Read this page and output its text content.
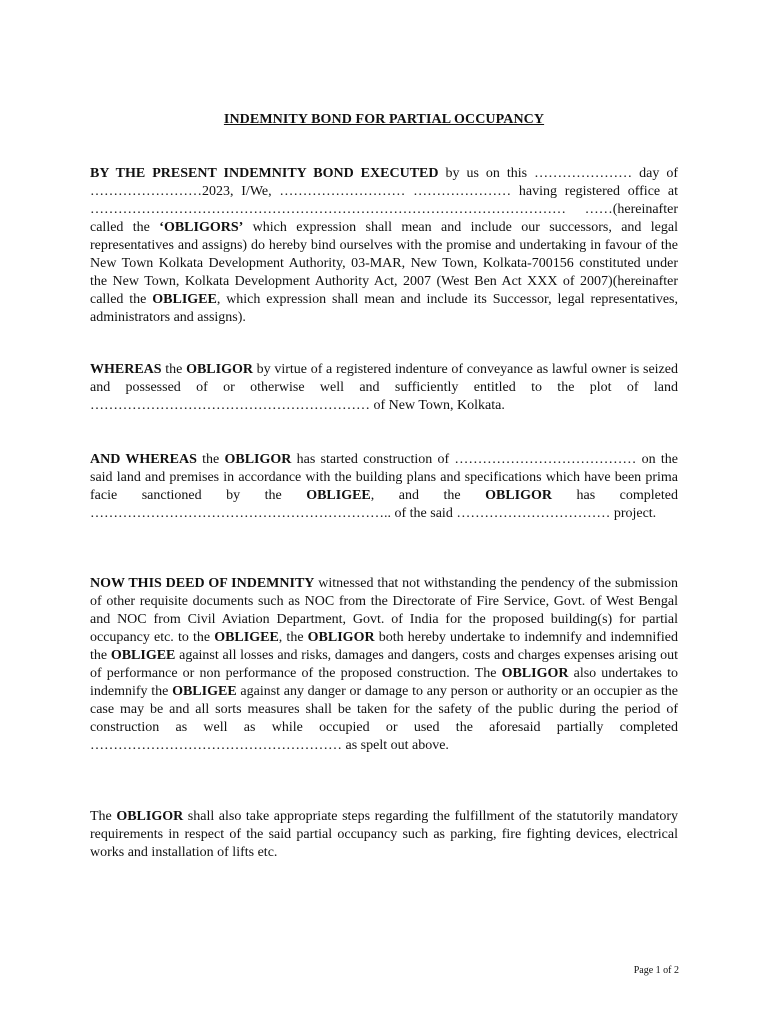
INDEMNITY BOND FOR PARTIAL OCCUPANCY
BY THE PRESENT INDEMNITY BOND EXECUTED by us on this ………………… day of ……………………2023, I/We, ……………………… ………………… having registered office at ………………………………………………………………………………………… ……(hereinafter called the ‘OBLIGORS’ which expression shall mean and include our successors, and legal representatives and assigns) do hereby bind ourselves with the promise and undertaking in favour of the New Town Kolkata Development Authority, 03-MAR, New Town, Kolkata-700156 constituted under the New Town, Kolkata Development Authority Act, 2007 (West Ben Act XXX of 2007)(hereinafter called the OBLIGEE, which expression shall mean and include its Successor, legal representatives, administrators and assigns).
WHEREAS the OBLIGOR by virtue of a registered indenture of conveyance as lawful owner is seized and possessed of or otherwise well and sufficiently entitled to the plot of land …………………………………………………… of New Town, Kolkata.
AND WHEREAS the OBLIGOR has started construction of ………………………………… on the said land and premises in accordance with the building plans and specifications which have been prima facie sanctioned by the OBLIGEE, and the OBLIGOR has completed ……………………………………………………….. of the said …………………………… project.
NOW THIS DEED OF INDEMNITY witnessed that not withstanding the pendency of the submission of other requisite documents such as NOC from the Directorate of Fire Service, Govt. of West Bengal and NOC from Civil Aviation Department, Govt. of India for the proposed building(s) for partial occupancy etc. to the OBLIGEE, the OBLIGOR both hereby undertake to indemnify and indemnified the OBLIGEE against all losses and risks, damages and dangers, costs and charges expenses arising out of performance or non performance of the proposed construction. The OBLIGOR also undertakes to indemnify the OBLIGEE against any danger or damage to any person or authority or an occupier as the case may be and all sorts measures shall be taken for the safety of the public during the period of construction as well as while occupied or used the aforesaid partially completed ……………………………………………… as spelt out above.
The OBLIGOR shall also take appropriate steps regarding the fulfillment of the statutorily mandatory requirements in respect of the said partial occupancy such as parking, fire fighting devices, electrical works and installation of lifts etc.
Page 1 of 2
